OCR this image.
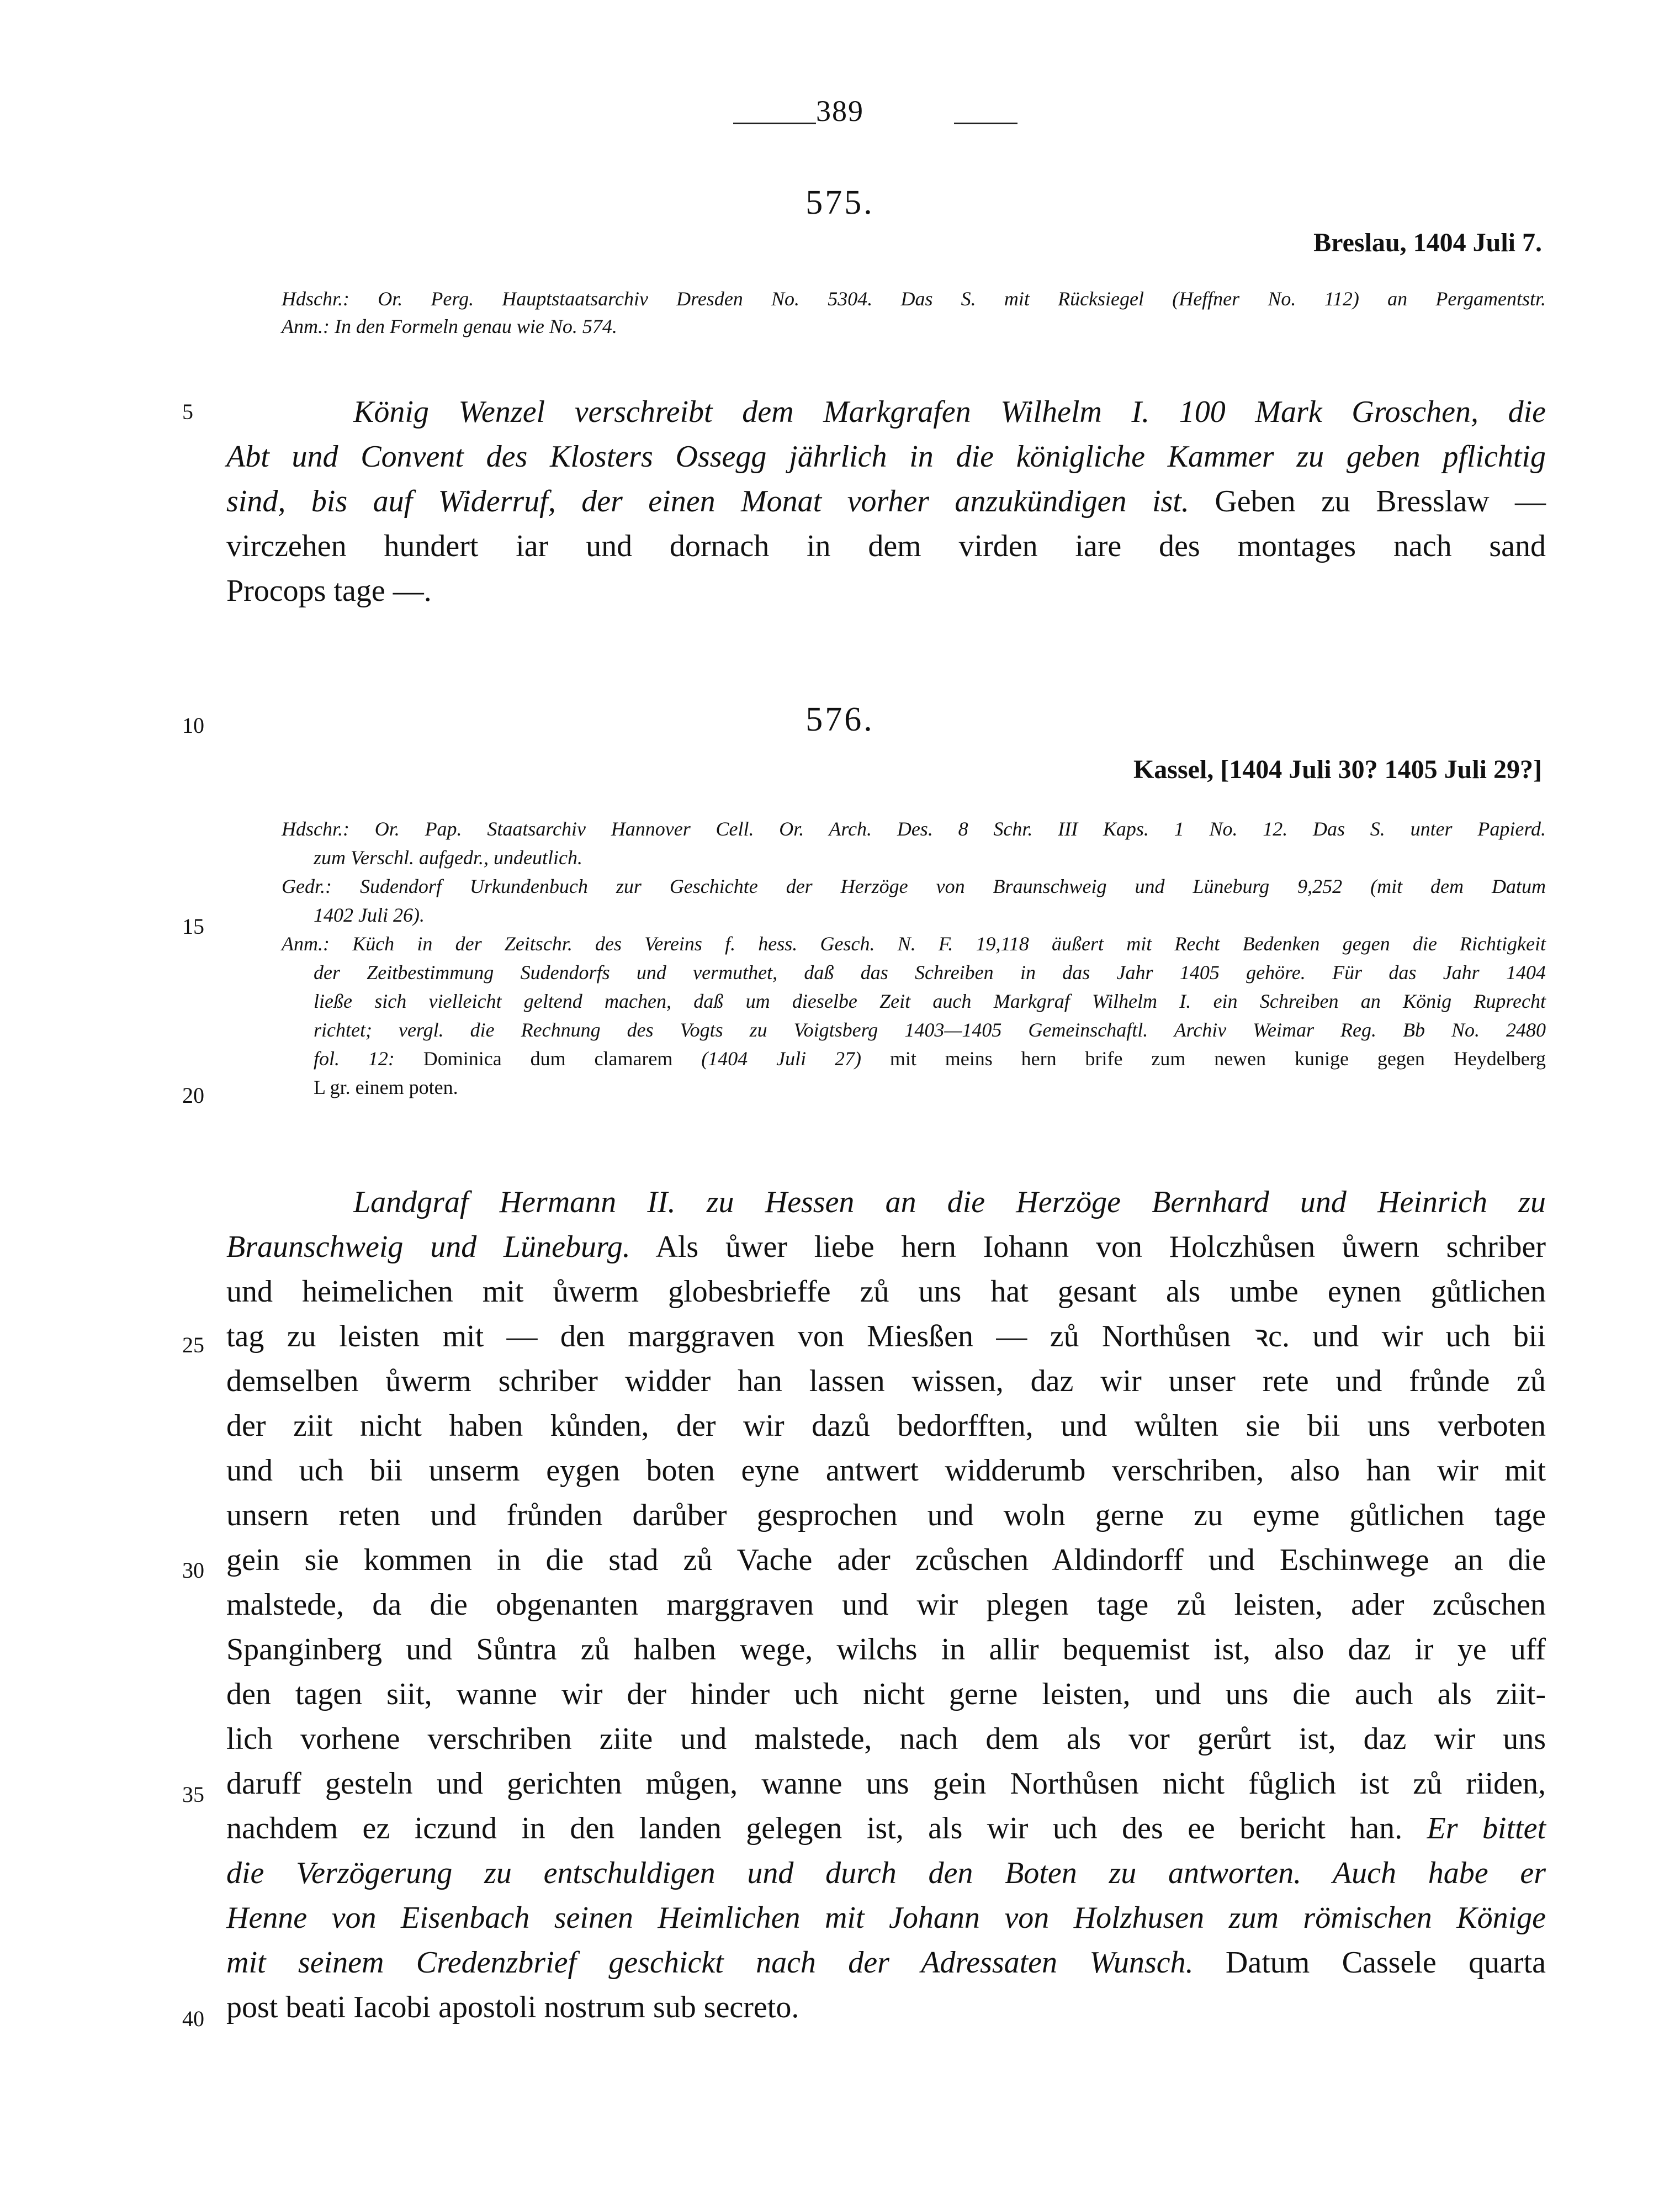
389
575.
Breslau, 1404 Juli 7.
Hdschr.: Or. Perg. Hauptstaatsarchiv Dresden No. 5304. Das S. mit Rücksiegel (Heffner No. 112) an Pergamentstr.
Anm.: In den Formeln genau wie No. 574.
5	König Wenzel verschreibt dem Markgrafen Wilhelm I. 100 Mark Groschen, die
Abt und Convent des Klosters Ossegg jährlich in die königliche Kammer zu geben pflichtig
sind, bis auf Widerruf, der einen Monat vorher anzukündigen ist. Geben zu Bresslaw —
virczehen hundert iar und dornach in dem virden iare des montages nach sand
Procops tage —.
10	576.
Kassel, [1404 Juli 30? 1405 Juli 29?]
15
20
Hdschr.: Or. Pap. Staatsarchiv Hannover Cell. Or. Arch. Des. 8 Schr. III Kaps. 1 No. 12. Das S. unter Papierd.
zum Verschl. aufgedr., undeutlich.
Gedr.: Sudendorf Urkundenbuch zur Geschichte der Herzöge von Braunschweig und Lüneburg 9,252 (mit dem Datum
1402 Juli 26).
Anm.: Küch in der Zeitschr. des Vereins f. hess. Gesch. N. F. 19,118 äußert mit Recht Bedenken gegen die Richtigkeit
der Zeitbestimmung Sudendorfs und vermuthet, daß das Schreiben in das Jahr 1405 gehöre. Für das Jahr 1404
ließe sich vielleicht geltend machen, daß um dieselbe Zeit auch Markgraf Wilhelm I. ein Schreiben an König Ruprecht
richtet; vergl. die Rechnung des Vogts zu Voigtsberg 1403—1405 Gemeinschaftl. Archiv Weimar Reg. Bb No. 2480
fol. 12: Dominica dum clamarem (1404 Juli 27) mit meins hern brife zum newen kunige gegen Heydelberg
L gr. einem poten.
25
30
35
40
Landgraf Hermann II. zu Hessen an die Herzöge Bernhard und Heinrich zu
Braunschweig und Lüneburg. Als ůwer liebe hern Iohann von Holczhůsen ůwern schriber
und heimelichen mit ůwerm globesbrieffe zů uns hat gesant als umbe eynen gůtlichen
tag zu leisten mit — den marggraven von Miesßen — zů Northůsen ꝛc. und wir uch bii
demselben ůwerm schriber widder han lassen wissen, daz wir unser rete und frůnde zů
der ziit nicht haben kůnden, der wir dazů bedorfften, und wůlten sie bii uns verboten
und uch bii unserm eygen boten eyne antwert widderumb verschriben, also han wir mit
unsern reten und frůnden darůber gesprochen und woln gerne zu eyme gůtlichen tage
gein sie kommen in die stad zů Vache ader zcůschen Aldindorff und Eschinwege an die
malstede, da die obgenanten marggraven und wir plegen tage zů leisten, ader zcůschen
Spanginberg und Sůntra zů halben wege, wilchs in allir bequemist ist, also daz ir ye uff
den tagen siit, wanne wir der hinder uch nicht gerne leisten, und uns die auch als ziit-
lich vorhene verschriben ziite und malstede, nach dem als vor gerůrt ist, daz wir uns
daruff gesteln und gerichten můgen, wanne uns gein Northůsen nicht fůglich ist zů riiden,
nachdem ez iczund in den landen gelegen ist, als wir uch des ee bericht han. Er bittet
die Verzögerung zu entschuldigen und durch den Boten zu antworten. Auch habe er
Henne von Eisenbach seinen Heimlichen mit Johann von Holzhusen zum römischen Könige
mit seinem Credenzbrief geschickt nach der Adressaten Wunsch. Datum Cassele quarta
post beati Iacobi apostoli nostrum sub secreto.
